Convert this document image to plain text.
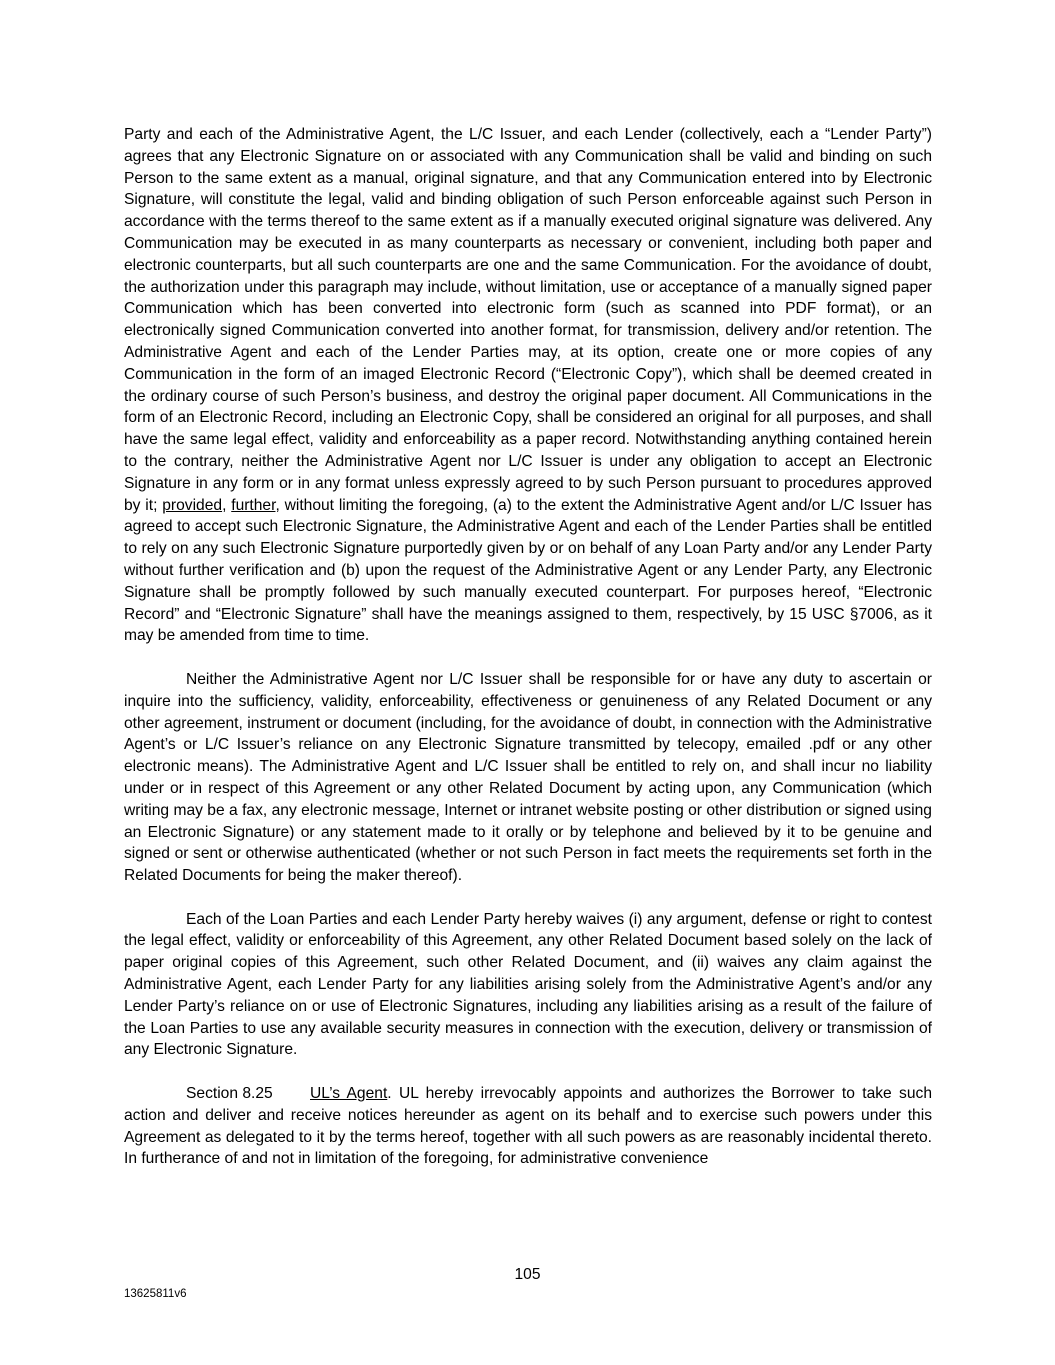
Party and each of the Administrative Agent, the L/C Issuer, and each Lender (collectively, each a “Lender Party”) agrees that any Electronic Signature on or associated with any Communication shall be valid and binding on such Person to the same extent as a manual, original signature, and that any Communication entered into by Electronic Signature, will constitute the legal, valid and binding obligation of such Person enforceable against such Person in accordance with the terms thereof to the same extent as if a manually executed original signature was delivered. Any Communication may be executed in as many counterparts as necessary or convenient, including both paper and electronic counterparts, but all such counterparts are one and the same Communication. For the avoidance of doubt, the authorization under this paragraph may include, without limitation, use or acceptance of a manually signed paper Communication which has been converted into electronic form (such as scanned into PDF format), or an electronically signed Communication converted into another format, for transmission, delivery and/or retention. The Administrative Agent and each of the Lender Parties may, at its option, create one or more copies of any Communication in the form of an imaged Electronic Record (“Electronic Copy”), which shall be deemed created in the ordinary course of such Person’s business, and destroy the original paper document. All Communications in the form of an Electronic Record, including an Electronic Copy, shall be considered an original for all purposes, and shall have the same legal effect, validity and enforceability as a paper record. Notwithstanding anything contained herein to the contrary, neither the Administrative Agent nor L/C Issuer is under any obligation to accept an Electronic Signature in any form or in any format unless expressly agreed to by such Person pursuant to procedures approved by it; provided, further, without limiting the foregoing, (a) to the extent the Administrative Agent and/or L/C Issuer has agreed to accept such Electronic Signature, the Administrative Agent and each of the Lender Parties shall be entitled to rely on any such Electronic Signature purportedly given by or on behalf of any Loan Party and/or any Lender Party without further verification and (b) upon the request of the Administrative Agent or any Lender Party, any Electronic Signature shall be promptly followed by such manually executed counterpart. For purposes hereof, “Electronic Record” and “Electronic Signature” shall have the meanings assigned to them, respectively, by 15 USC §7006, as it may be amended from time to time.

Neither the Administrative Agent nor L/C Issuer shall be responsible for or have any duty to ascertain or inquire into the sufficiency, validity, enforceability, effectiveness or genuineness of any Related Document or any other agreement, instrument or document (including, for the avoidance of doubt, in connection with the Administrative Agent’s or L/C Issuer’s reliance on any Electronic Signature transmitted by telecopy, emailed .pdf or any other electronic means). The Administrative Agent and L/C Issuer shall be entitled to rely on, and shall incur no liability under or in respect of this Agreement or any other Related Document by acting upon, any Communication (which writing may be a fax, any electronic message, Internet or intranet website posting or other distribution or signed using an Electronic Signature) or any statement made to it orally or by telephone and believed by it to be genuine and signed or sent or otherwise authenticated (whether or not such Person in fact meets the requirements set forth in the Related Documents for being the maker thereof).

Each of the Loan Parties and each Lender Party hereby waives (i) any argument, defense or right to contest the legal effect, validity or enforceability of this Agreement, any other Related Document based solely on the lack of paper original copies of this Agreement, such other Related Document, and (ii) waives any claim against the Administrative Agent, each Lender Party for any liabilities arising solely from the Administrative Agent’s and/or any Lender Party’s reliance on or use of Electronic Signatures, including any liabilities arising as a result of the failure of the Loan Parties to use any available security measures in connection with the execution, delivery or transmission of any Electronic Signature.

Section 8.25 UL’s Agent. UL hereby irrevocably appoints and authorizes the Borrower to take such action and deliver and receive notices hereunder as agent on its behalf and to exercise such powers under this Agreement as delegated to it by the terms hereof, together with all such powers as are reasonably incidental thereto. In furtherance of and not in limitation of the foregoing, for administrative convenience

105
13625811v6
